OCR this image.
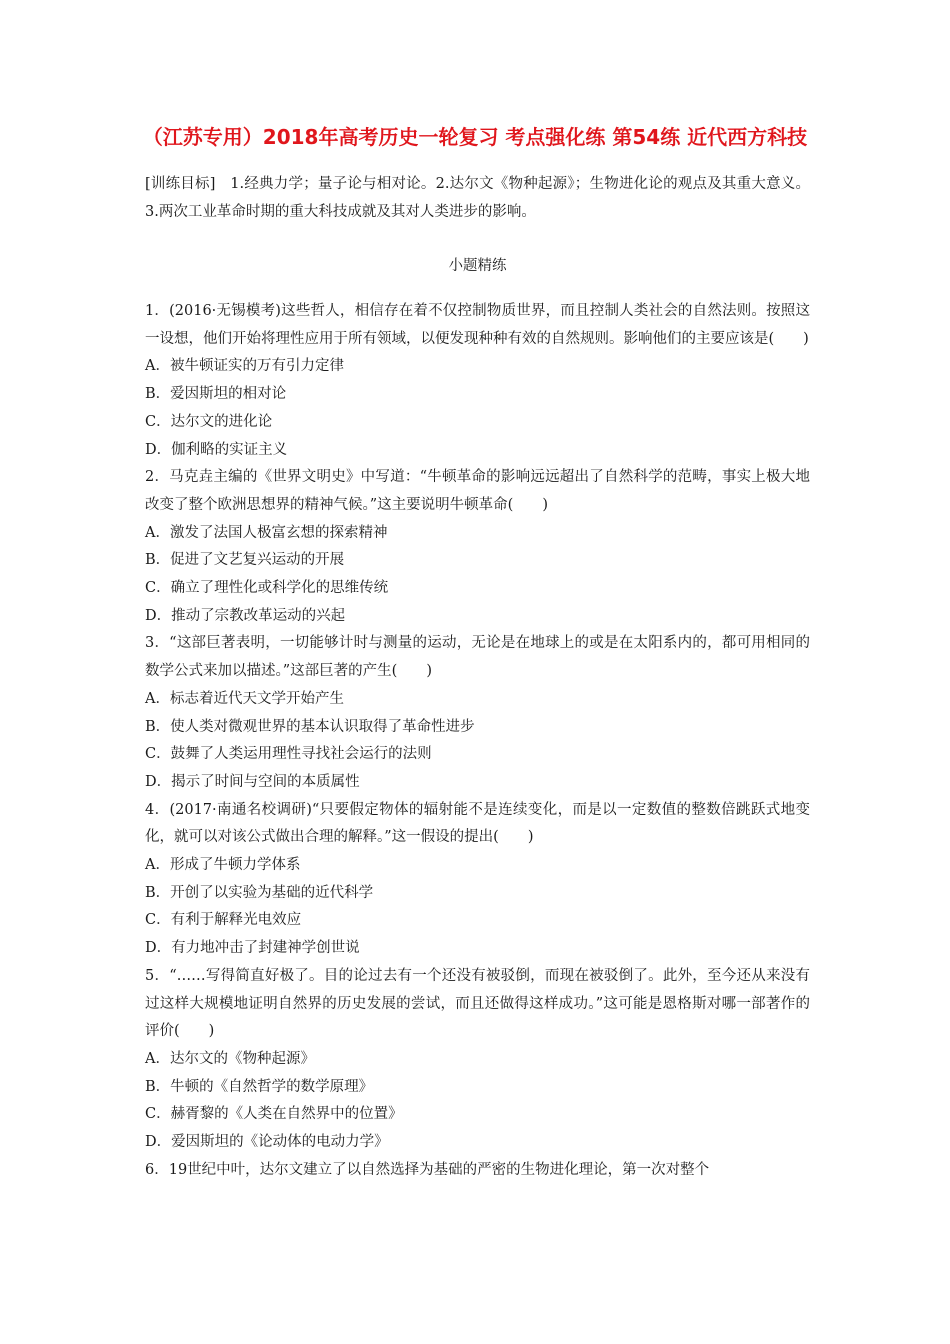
（江苏专用）2018年高考历史一轮复习 考点强化练 第54练 近代西方科技
[训练目标]　1.经典力学；量子论与相对论。2.达尔文《物种起源》；生物进化论的观点及其重大意义。3.两次工业革命时期的重大科技成就及其对人类进步的影响。
小题精练

1．(2016·无锡模考)这些哲人，相信存在着不仅控制物质世界，而且控制人类社会的自然法则。按照这一设想，他们开始将理性应用于所有领域，以便发现种种有效的自然规则。影响他们的主要应该是(　　)

A．被牛顿证实的万有引力定律

B．爱因斯坦的相对论

C．达尔文的进化论

D．伽利略的实证主义

2．马克垚主编的《世界文明史》中写道：“牛顿革命的影响远远超出了自然科学的范畴，事实上极大地改变了整个欧洲思想界的精神气候。”这主要说明牛顿革命(　　)

A．激发了法国人极富玄想的探索精神

B．促进了文艺复兴运动的开展

C．确立了理性化或科学化的思维传统

D．推动了宗教改革运动的兴起

3．“这部巨著表明，一切能够计时与测量的运动，无论是在地球上的或是在太阳系内的，都可用相同的数学公式来加以描述。”这部巨著的产生(　　)

A．标志着近代天文学开始产生

B．使人类对微观世界的基本认识取得了革命性进步

C．鼓舞了人类运用理性寻找社会运行的法则

D．揭示了时间与空间的本质属性

4．(2017·南通名校调研)“只要假定物体的辐射能不是连续变化，而是以一定数值的整数倍跳跃式地变化，就可以对该公式做出合理的解释。”这一假设的提出(　　)

A．形成了牛顿力学体系

B．开创了以实验为基础的近代科学

C．有利于解释光电效应

D．有力地冲击了封建神学创世说

5．“……写得简直好极了。目的论过去有一个还没有被驳倒，而现在被驳倒了。此外，至今还从来没有过这样大规模地证明自然界的历史发展的尝试，而且还做得这样成功。”这可能是恩格斯对哪一部著作的评价(　　)

A．达尔文的《物种起源》

B．牛顿的《自然哲学的数学原理》

C．赫胥黎的《人类在自然界中的位置》

D．爱因斯坦的《论动体的电动力学》

6．19世纪中叶，达尔文建立了以自然选择为基础的严密的生物进化理论，第一次对整个
